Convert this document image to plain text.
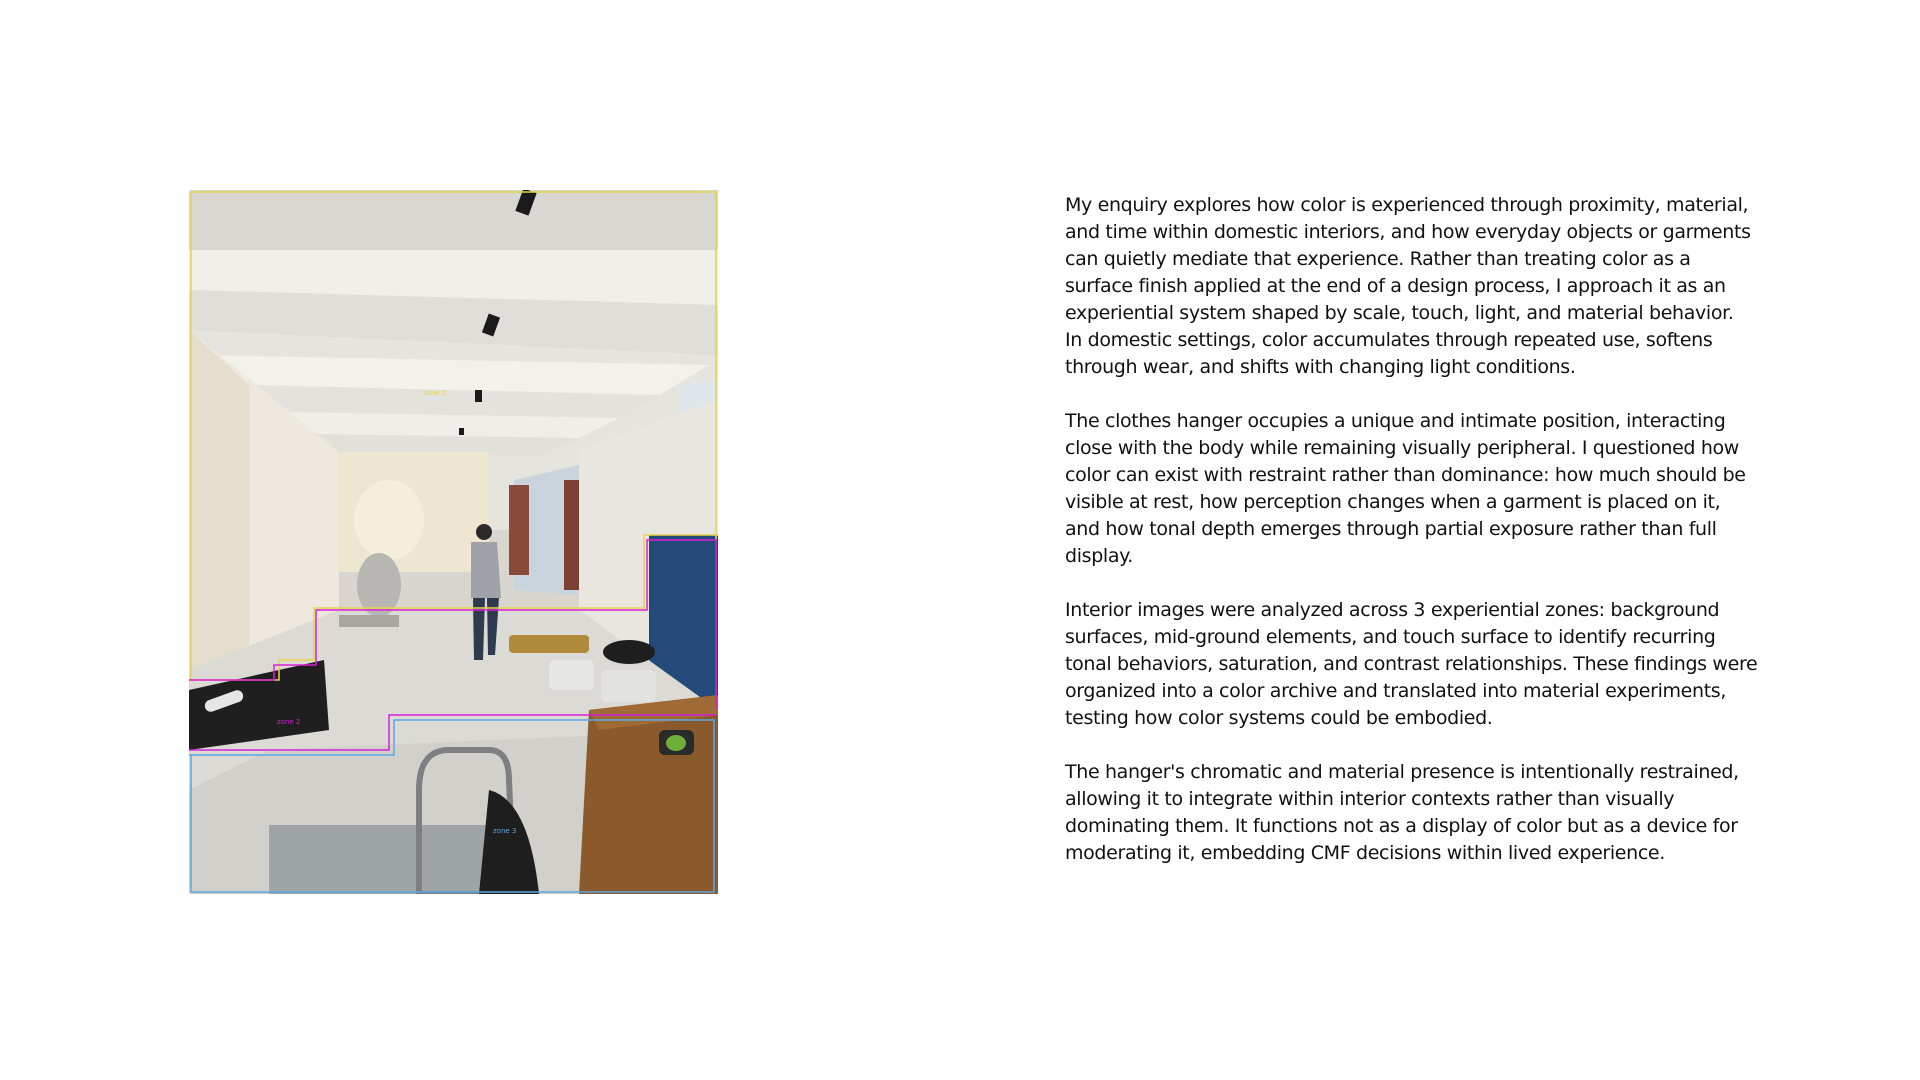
zone 1
zone 2
zone 3

My enquiry explores how color is experienced through proximity, material,
and time within domestic interiors, and how everyday objects or garments
can quietly mediate that experience. Rather than treating color as a
surface finish applied at the end of a design process, I approach it as an
experiential system shaped by scale, touch, light, and material behavior.
In domestic settings, color accumulates through repeated use, softens
through wear, and shifts with changing light conditions.

The clothes hanger occupies a unique and intimate position, interacting
close with the body while remaining visually peripheral. I questioned how
color can exist with restraint rather than dominance: how much should be
visible at rest, how perception changes when a garment is placed on it,
and how tonal depth emerges through partial exposure rather than full
display.

Interior images were analyzed across 3 experiential zones: background
surfaces, mid-ground elements, and touch surface to identify recurring
tonal behaviors, saturation, and contrast relationships. These findings were
organized into a color archive and translated into material experiments,
testing how color systems could be embodied.

The hanger's chromatic and material presence is intentionally restrained,
allowing it to integrate within interior contexts rather than visually
dominating them. It functions not as a display of color but as a device for
moderating it, embedding CMF decisions within lived experience.
